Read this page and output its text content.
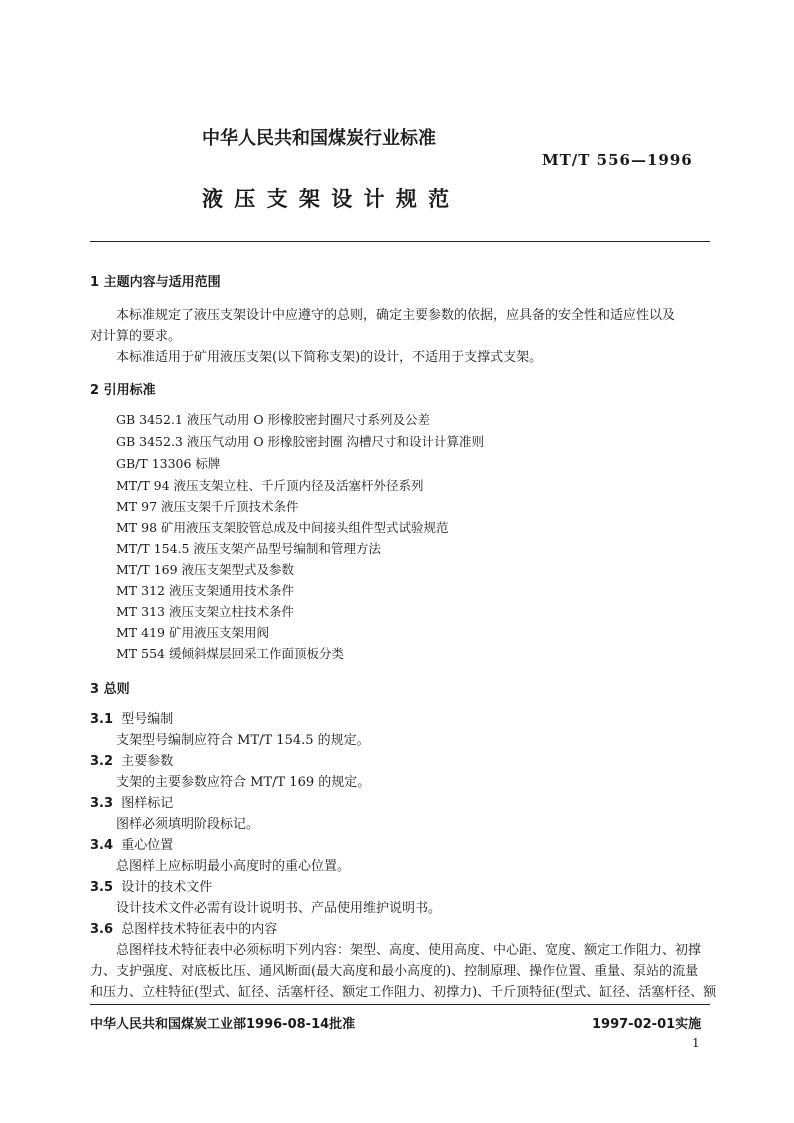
中华人民共和国煤炭行业标准
MT/T 556—1996
液 压 支 架 设 计 规 范
1 主题内容与适用范围
本标准规定了液压支架设计中应遵守的总则，确定主要参数的依据，应具备的安全性和适应性以及
对计算的要求。
本标准适用于矿用液压支架(以下简称支架)的设计，不适用于支撑式支架。
2 引用标准
GB 3452.1 液压气动用 O 形橡胶密封圈尺寸系列及公差
GB 3452.3 液压气动用 O 形橡胶密封圈 沟槽尺寸和设计计算准则
GB/T 13306 标牌
MT/T 94 液压支架立柱、千斤顶内径及活塞杆外径系列
MT 97 液压支架千斤顶技术条件
MT 98 矿用液压支架胶管总成及中间接头组件型式试验规范
MT/T 154.5 液压支架产品型号编制和管理方法
MT/T 169 液压支架型式及参数
MT 312 液压支架通用技术条件
MT 313 液压支架立柱技术条件
MT 419 矿用液压支架用阀
MT 554 缓倾斜煤层回采工作面顶板分类
3 总则
3.1 型号编制
支架型号编制应符合 MT/T 154.5 的规定。
3.2 主要参数
支架的主要参数应符合 MT/T 169 的规定。
3.3 图样标记
图样必须填明阶段标记。
3.4 重心位置
总图样上应标明最小高度时的重心位置。
3.5 设计的技术文件
设计技术文件必需有设计说明书、产品使用维护说明书。
3.6 总图样技术特征表中的内容
总图样技术特征表中必须标明下列内容：架型、高度、使用高度、中心距、宽度、额定工作阻力、初撑
力、支护强度、对底板比压、通风断面(最大高度和最小高度的)、控制原理、操作位置、重量、泵站的流量
和压力、立柱特征(型式、缸径、活塞杆径、额定工作阻力、初撑力)、千斤顶特征(型式、缸径、活塞杆径、额
中华人民共和国煤炭工业部1996-08-14批准	1997-02-01实施
1
